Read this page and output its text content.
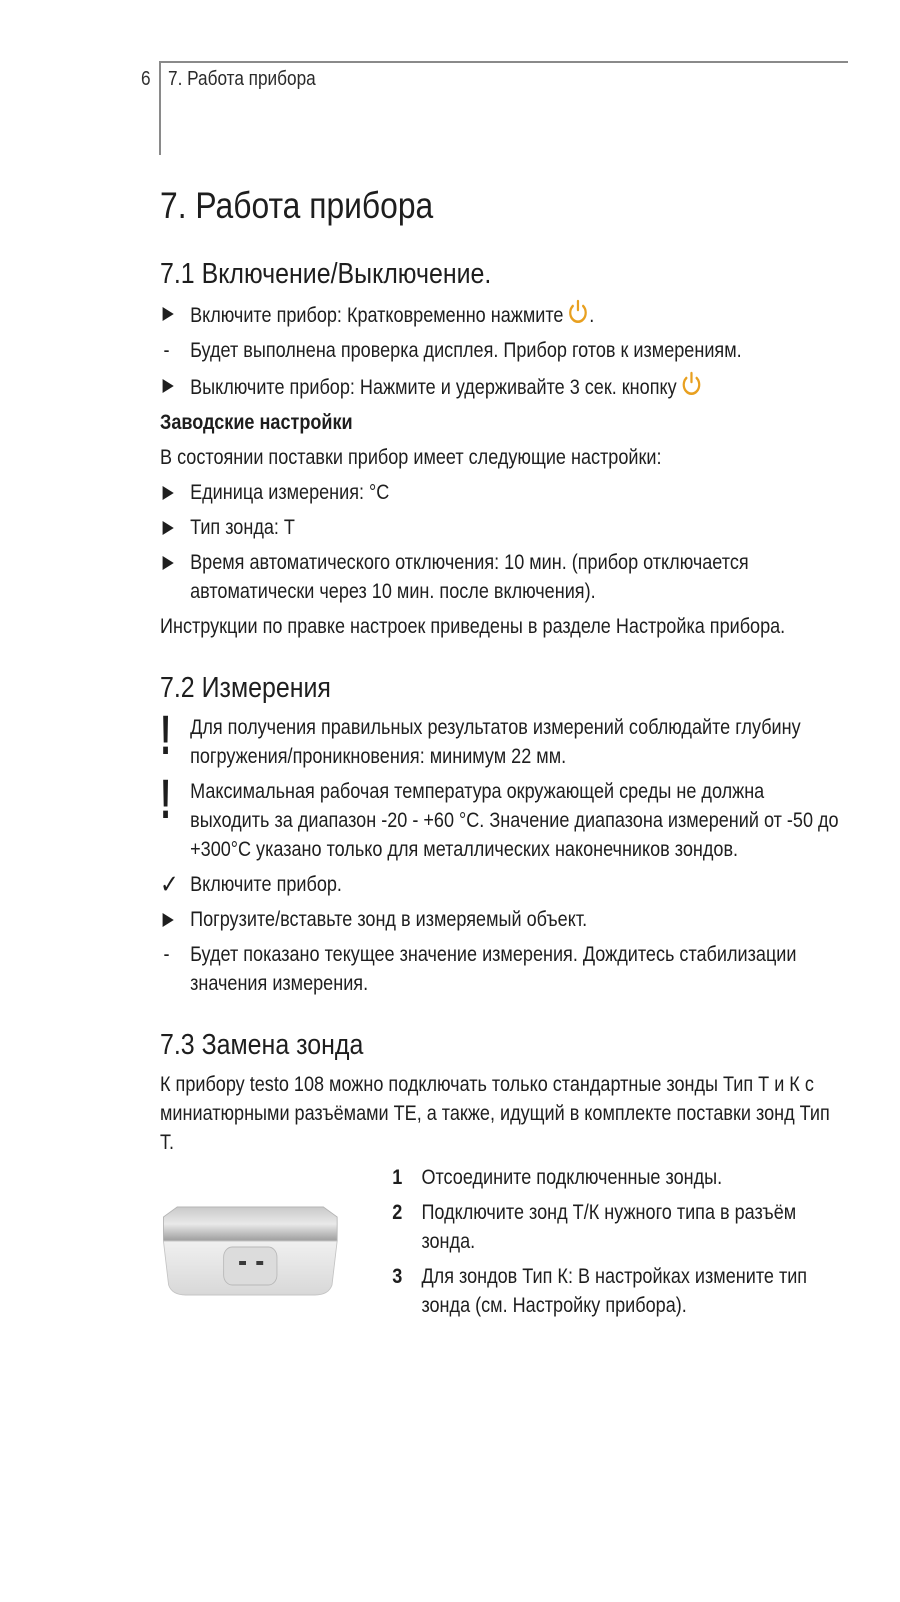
6 7. Работа прибора
7. Работа прибора
7.1 Включение/Выключение.
Включите прибор: Кратковременно нажмите .
- Будет выполнена проверка дисплея. Прибор готов к измерениям.
Выключите прибор: Нажмите и удерживайте 3 сек. кнопку
Заводские настройки
В состоянии поставки прибор имеет следующие настройки:
Единица измерения: °С
Тип зонда: Т
Время автоматического отключения: 10 мин. (прибор отключается автоматически через 10 мин. после включения).
Инструкции по правке настроек приведены в разделе Настройка прибора.
7.2 Измерения
! Для получения правильных результатов измерений соблюдайте глубину погружения/проникновения: минимум 22 мм.
! Максимальная рабочая температура окружающей среды не должна выходить за диапазон -20 - +60 °С. Значение диапазона измерений от -50 до +300°С указано только для металлических наконечников зондов.
✓ Включите прибор.
Погрузите/вставьте зонд в измеряемый объект.
- Будет показано текущее значение измерения. Дождитесь стабилизации значения измерения.
7.3 Замена зонда
К прибору testo 108 можно подключать только стандартные зонды Тип Т и К с миниатюрными разъёмами TE, а также, идущий в комплекте поставки зонд Тип Т.
1 Отсоедините подключенные зонды.
2 Подключите зонд Т/К нужного типа в разъём зонда.
3 Для зондов Тип К: В настройках измените тип зонда (см. Настройку прибора).
